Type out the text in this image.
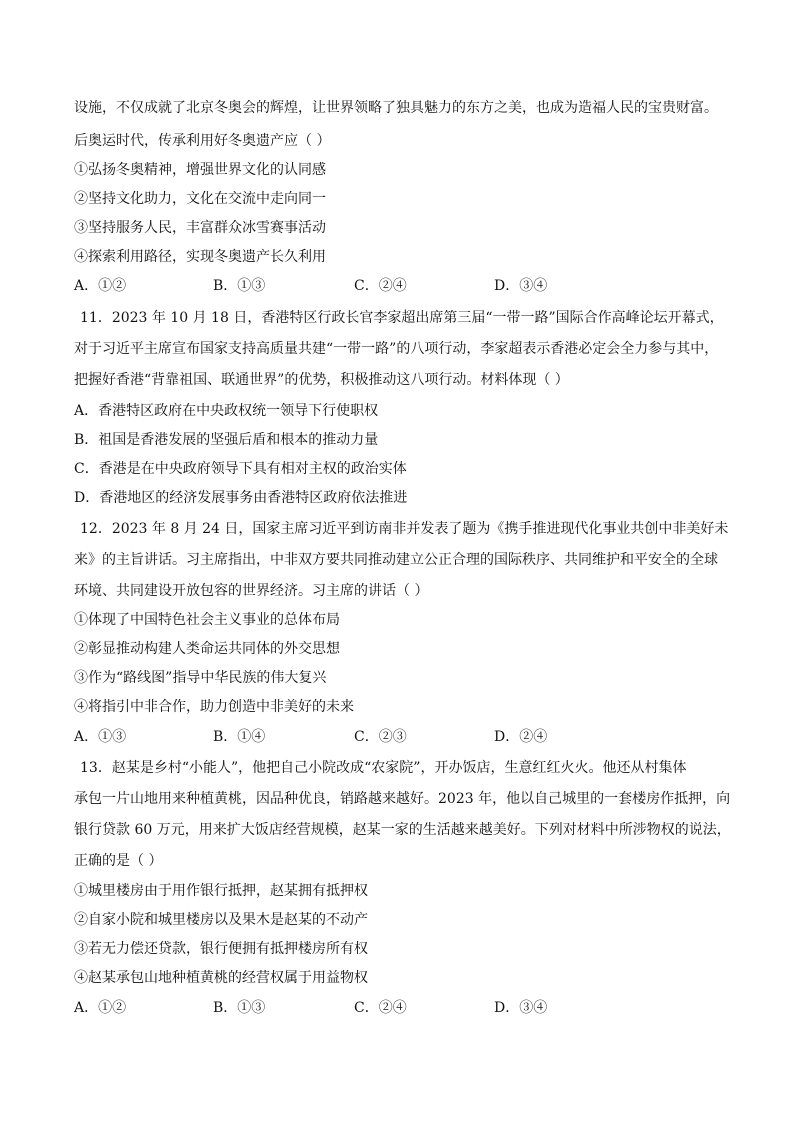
设施，不仅成就了北京冬奥会的辉煌，让世界领略了独具魅力的东方之美，也成为造福人民的宝贵财富。
后奥运时代，传承利用好冬奥遗产应（ ）
①弘扬冬奥精神，增强世界文化的认同感
②坚持文化助力，文化在交流中走向同一
③坚持服务人民，丰富群众冰雪赛事活动
④探索利用路径，实现冬奥遗产长久利用
A．①②	B．①③	C．②④	D．③④
11．2023 年 10 月 18 日，香港特区行政长官李家超出席第三届“一带一路”国际合作高峰论坛开幕式，
对于习近平主席宣布国家支持高质量共建“一带一路”的八项行动，李家超表示香港必定会全力参与其中，
把握好香港“背靠祖国、联通世界”的优势，积极推动这八项行动。材料体现（ ）
A．香港特区政府在中央政权统一领导下行使职权
B．祖国是香港发展的坚强后盾和根本的推动力量
C．香港是在中央政府领导下具有相对主权的政治实体
D．香港地区的经济发展事务由香港特区政府依法推进
12．2023 年 8 月 24 日，国家主席习近平到访南非并发表了题为《携手推进现代化事业共创中非美好未
来》的主旨讲话。习主席指出，中非双方要共同推动建立公正合理的国际秩序、共同维护和平安全的全球
环境、共同建设开放包容的世界经济。习主席的讲话（ ）
①体现了中国特色社会主义事业的总体布局
②彰显推动构建人类命运共同体的外交思想
③作为“路线图”指导中华民族的伟大复兴
④将指引中非合作，助力创造中非美好的未来
A．①③	B．①④	C．②③	D．②④
13．赵某是乡村“小能人”，他把自己小院改成“农家院”，开办饭店，生意红红火火。他还从村集体
承包一片山地用来种植黄桃，因品种优良，销路越来越好。2023 年，他以自己城里的一套楼房作抵押，向
银行贷款 60 万元，用来扩大饭店经营规模，赵某一家的生活越来越美好。下列对材料中所涉物权的说法，
正确的是（ ）
①城里楼房由于用作银行抵押，赵某拥有抵押权
②自家小院和城里楼房以及果木是赵某的不动产
③若无力偿还贷款，银行便拥有抵押楼房所有权
④赵某承包山地种植黄桃的经营权属于用益物权
A．①②	B．①③	C．②④	D．③④
